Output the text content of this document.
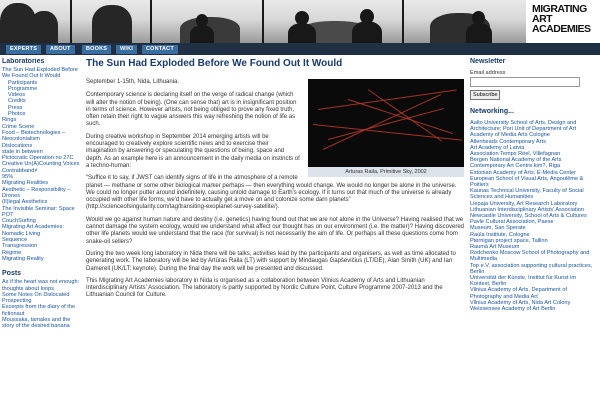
MIGRATING
ART
ACADEMIES
EXPERTS	ABOUT	BOOKS	WIKI	CONTACT
Laboratories
The Sun Had Exploded Before We Found Out It Would
Participants
Programme
Videos
Credits
Press
Photos
Rings
Crime Scene
Food – Biotechnologies – Neocolonialism
Dislocations
state in between
Pictocratic Operation no 27C
Creative Un(A)Counting Voices
Contrabband≠
95%
Migrating Realities
Aesthetic – Responsibility – Drones
(Il)legal Aesthetics
The Invisible Seminar: Space
POT
CouchSurfing
Migrating Art Academies: Nomadic Living
Sequence
Transgression
Régime
Migrating Reality
Posts
As if the heart was not enough: thoughts about loops
Some Notes On Dislocated Prospecting
Excerpts from the diary of the fictionaut
Moussaka, tamales and the story of the desired banana
The Sun Had Exploded Before We Found Out It Would
Arturas Raila, Primitive Sky, 2002

September 1-15th, Nida, Lithuania.

Contemporary science is declaring itself on the verge of radical change (which will alter the notion of being). (One can sense that) art is in insignificant position in terms of science. However artists, not being obliged to prove any fixed truth, often retain their right to vague answers this way refreshing the notion of life as such.

During creative workshop in September 2014 emerging artists will be encouraged to creatively explore scientific news and to exercise their imagination by answering or speculating the questions of being, space and depth. As an example here is an announcement in the daily media on instincts of a techno-human:

“Suffice it to say, if JWST can identify signs of life in the atmosphere of a remote planet — methane or some other biological marker perhaps — then everything would change. We would no longer be alone in the universe. We could no longer putter around indefinitely, causing untold damage to Earth's ecology. If it turns out that much of the universe is already occupied with other life forms, we'd have to actually get a move on and colonize some darn planets” (http://scienceofsingularity.com/tag/transiting-exoplanet-survey-satellite/).

Would we go against human nature and destiny (i.e. genetics) having found out that we are not alone in the Universe? Having realised that we cannot damage the system ecology, would we understand what affect our thought has on our environment (i.e. the matter)? Having discovered other life planets would we understand that the race (for survival) is not necessarily the aim of life. Or perhaps all these questions come from snake-oil sellers?

During the two week long laboratory in Nida there will be talks, activities lead by the participants and organisers, as well as time allocated to generating work. The laboratory will be led by Artūras Raila (LT) with support by Mindaugas Gapševičius (LT/DE), Alan Smith (UK) and Ian Damerell (UK/LT; keynote). During the final day the work will be presented and discussed.

This Migrating Art Academies laboratory in Nida is organised as a collaboration between Vilnius Academy of Arts and Lithuanian Interdisciplinary Artists' Association. The laboratory is partly supported by Nordic Culture Point, Culture Programme 2007-2013 and the Lithuanian Council for Culture.

Newsletter
Email address
Subscribe
Networking...
Aalto University School of Arts, Design and Architecture; Pori Unit of Department of Art
Academy of Media Arts Cologne
Allenheads Contemporary Arts
Art Academy of Latvia
Association Temps Réel, Villefagnan
Bergen National Academy of the Arts
Contemporary Art Centre kim?, Riga
Estonian Academy of Arts, E-Media Center
European School of Visual Arts, Angoulême & Poitiers
Kaunas Technical University, Faculty of Social Sciences and Humanities
Liepaja University, Art Research Laboratory
Lithuanian Interdisciplinary Artists' Association
Newcastle University, School of Arts & Cultures
Pavle Cultural Association, Paese
Museum, San Sperate
Raúla Institute, Cologne
Pternigan project space, Tallinn
Raumá Art Museum
Rodchenko Moscow School of Photography and Multimedia
Top e.V. association supporting cultural practices, Berlin
Universität der Künste, Institut für Kunst im Kontext, Berlin
Vilnius Academy of Arts, Department of Photography and Media Art
Vilnius Academy of Arts, Nida Art Colony
Weissensee Academy of Art Berlin
